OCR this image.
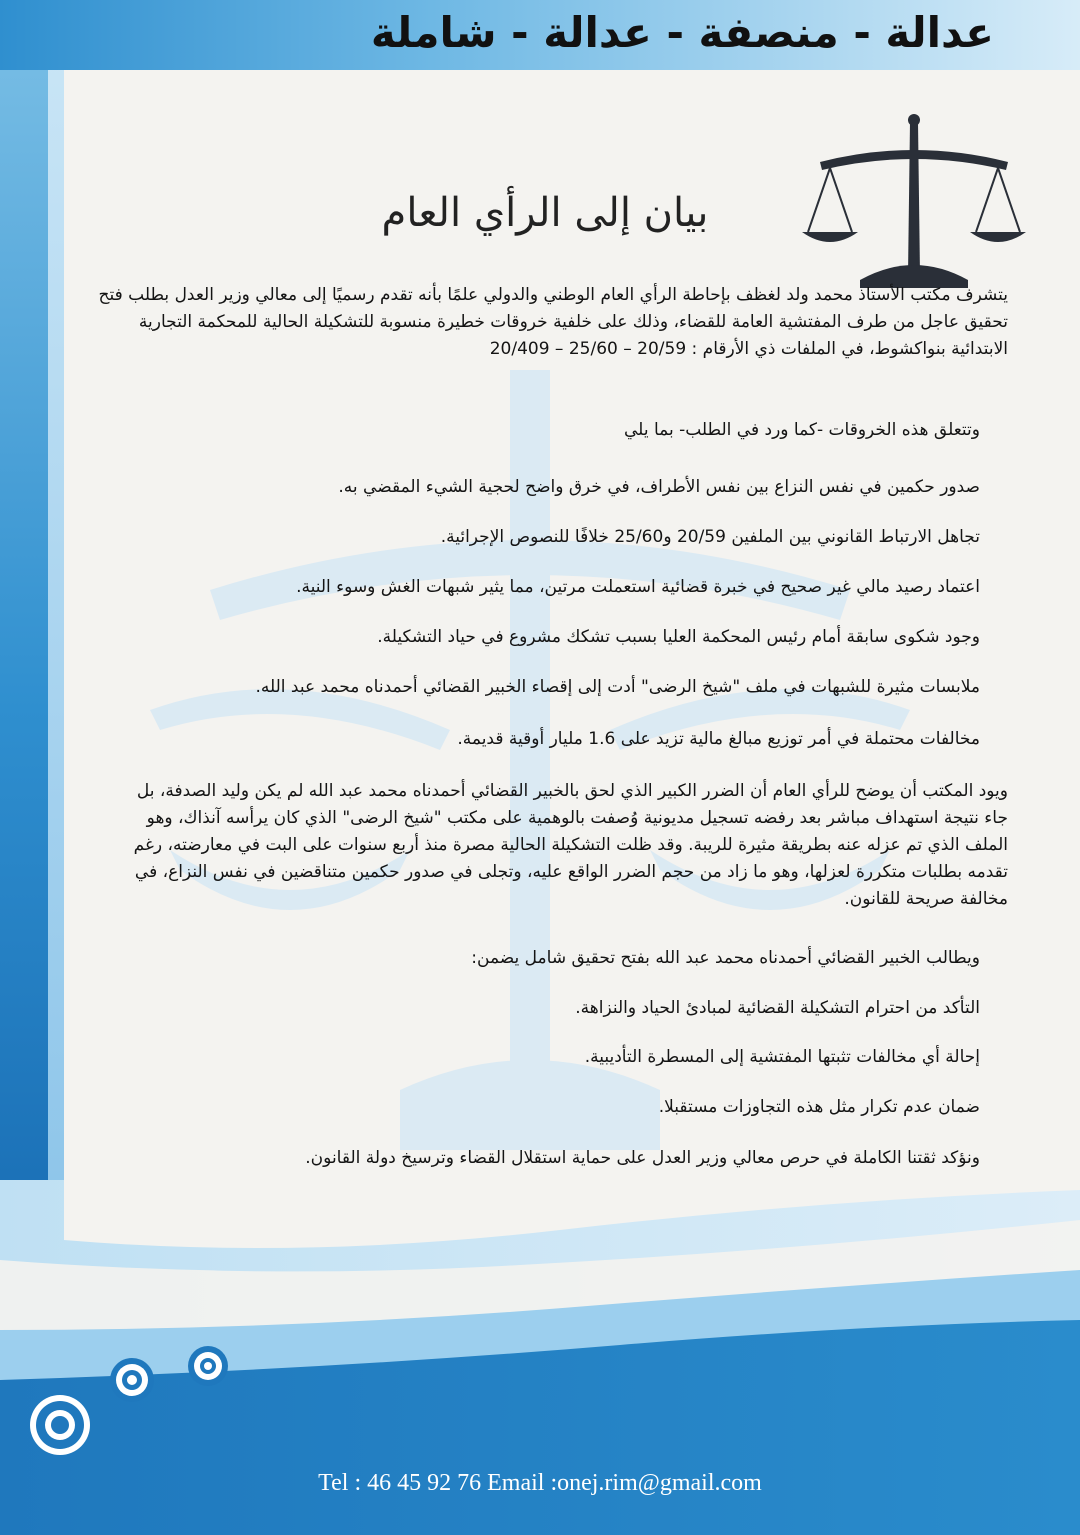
عدالة - منصفة - عدالة - شاملة
بيان إلى الرأي العام
يتشرف مكتب الأستاذ محمد ولد لغظف بإحاطة الرأي العام الوطني والدولي علمًا بأنه تقدم رسميًا إلى معالي وزير العدل بطلب فتح
تحقيق عاجل من طرف المفتشية العامة للقضاء، وذلك على خلفية خروقات خطيرة منسوبة للتشكيلة الحالية للمحكمة التجارية
الابتدائية بنواكشوط، في الملفات ذي الأرقام : 20/59 – 25/60 – 20/409
وتتعلق هذه الخروقات -كما ورد في الطلب- بما يلي
صدور حكمين في نفس النزاع بين نفس الأطراف، في خرق واضح لحجية الشيء المقضي به.
تجاهل الارتباط القانوني بين الملفين 20/59 و25/60 خلافًا للنصوص الإجرائية.
اعتماد رصيد مالي غير صحيح في خبرة قضائية استعملت مرتين، مما يثير شبهات الغش وسوء النية.
وجود شكوى سابقة أمام رئيس المحكمة العليا بسبب تشكك مشروع في حياد التشكيلة.
ملابسات مثيرة للشبهات في ملف "شيخ الرضى" أدت إلى إقصاء الخبير القضائي أحمدناه محمد عبد الله.
مخالفات محتملة في أمر توزيع مبالغ مالية تزيد على 1.6 مليار أوقية قديمة.
ويود المكتب أن يوضح للرأي العام أن الضرر الكبير الذي لحق بالخبير القضائي أحمدناه محمد عبد الله لم يكن وليد الصدفة، بل
جاء نتيجة استهداف مباشر بعد رفضه تسجيل مديونية وُصفت بالوهمية على مكتب "شيخ الرضى" الذي كان يرأسه آنذاك، وهو
الملف الذي تم عزله عنه بطريقة مثيرة للريبة. وقد ظلت التشكيلة الحالية مصرة منذ أربع سنوات على البت في معارضته، رغم
تقدمه بطلبات متكررة لعزلها، وهو ما زاد من حجم الضرر الواقع عليه، وتجلى في صدور حكمين متناقضين في نفس النزاع، في
مخالفة صريحة للقانون.
ويطالب الخبير القضائي أحمدناه محمد عبد الله بفتح تحقيق شامل يضمن:
التأكد من احترام التشكيلة القضائية لمبادئ الحياد والنزاهة.
إحالة أي مخالفات تثبتها المفتشية إلى المسطرة التأديبية.
ضمان عدم تكرار مثل هذه التجاوزات مستقبلا.
ونؤكد ثقتنا الكاملة في حرص معالي وزير العدل على حماية استقلال القضاء وترسيخ دولة القانون.
Tel : 46 45 92 76 Email :onej.rim@gmail.com
